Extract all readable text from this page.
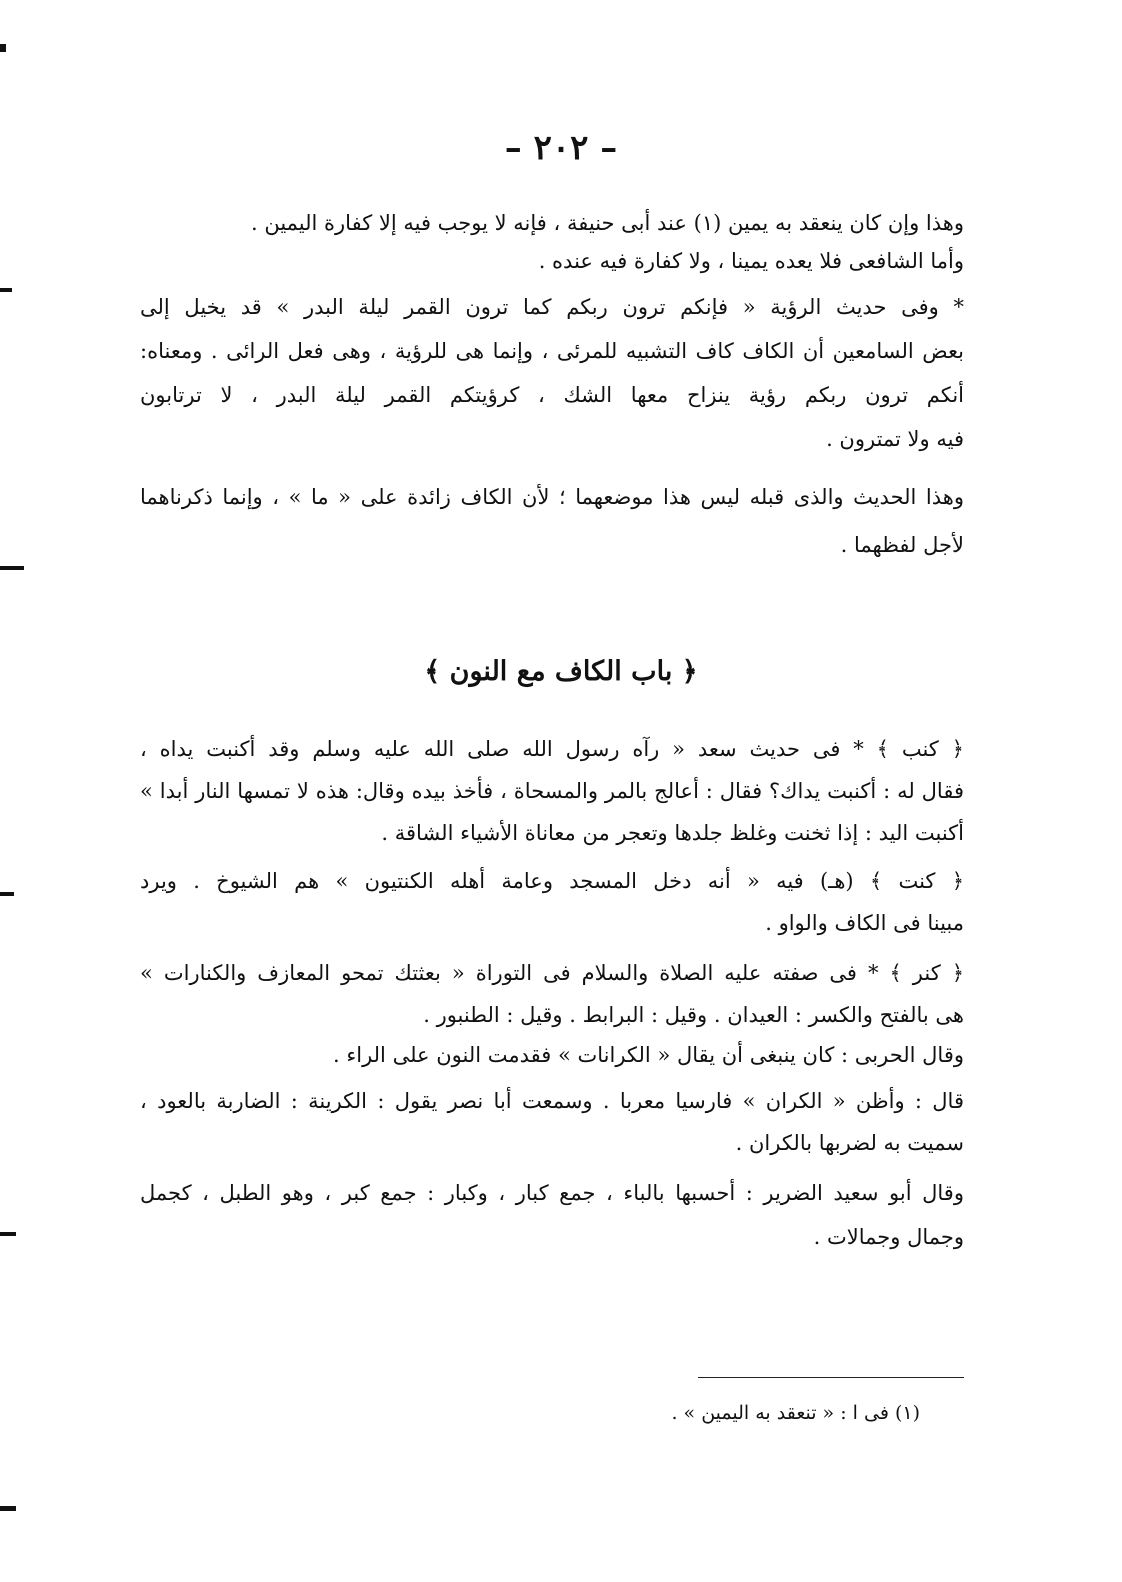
– ٢٠٢ –
وهذا وإن كان ينعقد به يمين (١) عند أبى حنيفة ، فإنه لا يوجب فيه إلا كفارة اليمين .
وأما الشافعى فلا يعده يمينا ، ولا كفارة فيه عنده .
* وفى حديث الرؤية « فإنكم ترون ربكم كما ترون القمر ليلة البدر » قد يخيل إلى
بعض السامعين أن الكاف كاف التشبيه للمرئى ، وإنما هى للرؤية ، وهى فعل الرائى . ومعناه:
أنكم ترون ربكم رؤية ينزاح معها الشك ، كرؤيتكم القمر ليلة البدر ، لا ترتابون
فيه ولا تمترون .
وهذا الحديث والذى قبله ليس هذا موضعهما ؛ لأن الكاف زائدة على « ما » ، وإنما ذكرناهما
لأجل لفظهما .
﴿ باب الكاف مع النون ﴾
﴿ كنب ﴾ * فى حديث سعد « رآه رسول الله صلى الله عليه وسلم وقد أكنبت يداه ،
فقال له : أكنبت يداك؟ فقال : أعالج بالمر والمسحاة ، فأخذ بيده وقال: هذه لا تمسها النار أبدا »
أكنبت اليد : إذا ثخنت وغلظ جلدها وتعجر من معاناة الأشياء الشاقة .
﴿ كنت ﴾ (هـ) فيه « أنه دخل المسجد وعامة أهله الكنتيون » هم الشيوخ . ويرد
مبينا فى الكاف والواو .
﴿ كنر ﴾ * فى صفته عليه الصلاة والسلام فى التوراة « بعثتك تمحو المعازف والكنارات »
هى بالفتح والكسر : العيدان . وقيل : البرابط . وقيل : الطنبور .
وقال الحربى : كان ينبغى أن يقال « الكرانات » فقدمت النون على الراء .
قال : وأظن « الكران » فارسيا معربا . وسمعت أبا نصر يقول : الكرينة : الضاربة بالعود ،
سميت به لضربها بالكران .
وقال أبو سعيد الضرير : أحسبها بالباء ، جمع كبار ، وكبار : جمع كبر ، وهو الطبل ، كجمل
وجمال وجمالات .
(١) فى ا : « تنعقد به اليمين » .
